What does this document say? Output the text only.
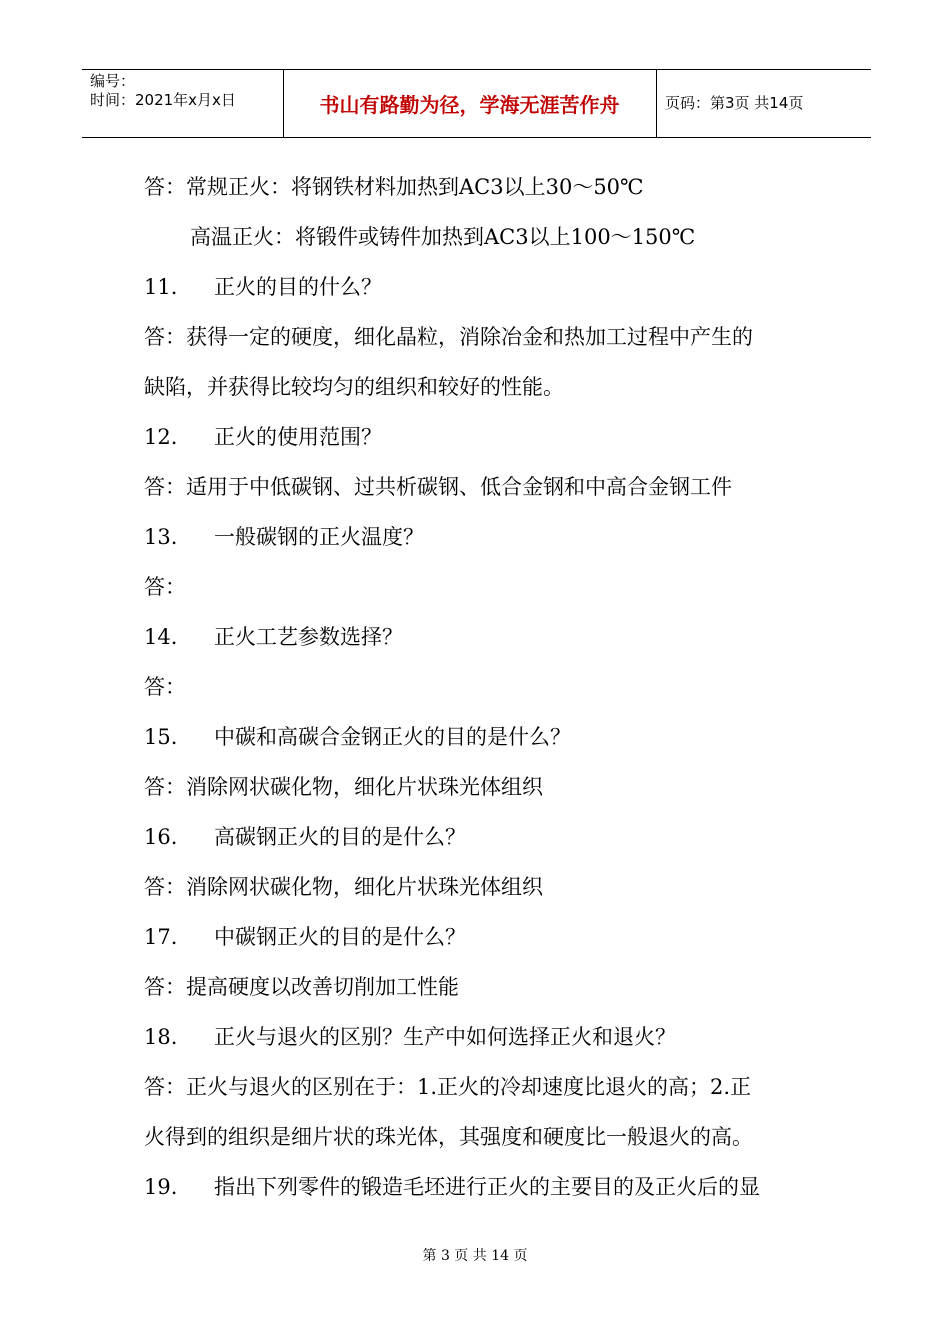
编号：
时间：2021年x月x日	书山有路勤为径，学海无涯苦作舟	页码：第3页 共14页
答：常规正火：将钢铁材料加热到AC3以上30～50℃
高温正火：将锻件或铸件加热到AC3以上100～150℃
11. 正火的目的什么？
答：获得一定的硬度，细化晶粒，消除冶金和热加工过程中产生的
缺陷，并获得比较均匀的组织和较好的性能。
12. 正火的使用范围？
答：适用于中低碳钢、过共析碳钢、低合金钢和中高合金钢工件
13. 一般碳钢的正火温度？
答：
14. 正火工艺参数选择？
答：
15. 中碳和高碳合金钢正火的目的是什么？
答：消除网状碳化物，细化片状珠光体组织
16. 高碳钢正火的目的是什么？
答：消除网状碳化物，细化片状珠光体组织
17. 中碳钢正火的目的是什么？
答：提高硬度以改善切削加工性能
18. 正火与退火的区别？生产中如何选择正火和退火？
答：正火与退火的区别在于：1.正火的冷却速度比退火的高；2.正
火得到的组织是细片状的珠光体，其强度和硬度比一般退火的高。
19. 指出下列零件的锻造毛坯进行正火的主要目的及正火后的显
第 3 页 共 14 页
